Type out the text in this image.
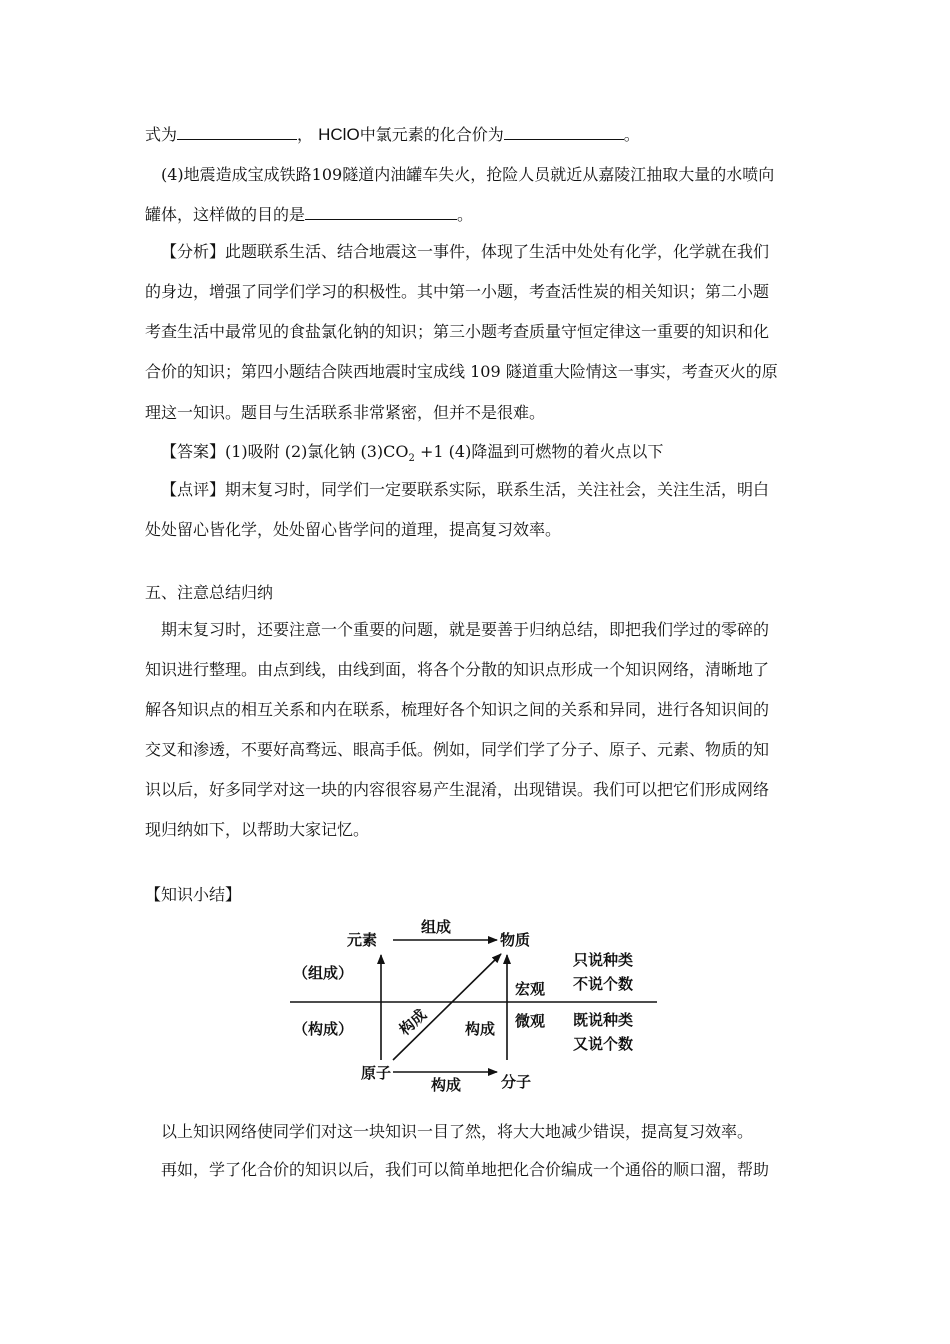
式为	， HClO中氯元素的化合价为	。
(4)地震造成宝成铁路109隧道内油罐车失火，抢险人员就近从嘉陵江抽取大量的水喷向
罐体，这样做的目的是	。
【分析】此题联系生活、结合地震这一事件，体现了生活中处处有化学，化学就在我们
的身边，增强了同学们学习的积极性。其中第一小题，考查活性炭的相关知识；第二小题
考查生活中最常见的食盐氯化钠的知识；第三小题考查质量守恒定律这一重要的知识和化
合价的知识；第四小题结合陕西地震时宝成线 109 隧道重大险情这一事实，考查灭火的原
理这一知识。题目与生活联系非常紧密，但并不是很难。
【答案】(1)吸附 (2)氯化钠 $(3)CO_2 +1$ (4)降温到可燃物的着火点以下
【点评】期末复习时，同学们一定要联系实际，联系生活，关注社会，关注生活，明白
处处留心皆化学，处处留心皆学问的道理，提高复习效率。
五、注意总结归纳
期末复习时，还要注意一个重要的问题，就是要善于归纳总结，即把我们学过的零碎的
知识进行整理。由点到线，由线到面，将各个分散的知识点形成一个知识网络，清晰地了
解各知识点的相互关系和内在联系，梳理好各个知识之间的关系和异同，进行各知识间的
交叉和渗透，不要好高骛远、眼高手低。例如，同学们学了分子、原子、元素、物质的知
识以后，好多同学对这一块的内容很容易产生混淆，出现错误。我们可以把它们形成网络
现归纳如下，以帮助大家记忆。
【知识小结】
元素	物质
原子	分子
组成
（组成）
（构成）	构成 构成
构成
宏观
微观
只说种类
不说个数
既说种类
又说个数
以上知识网络使同学们对这一块知识一目了然，将大大地减少错误，提高复习效率。
再如，学了化合价的知识以后，我们可以简单地把化合价编成一个通俗的顺口溜，帮助
